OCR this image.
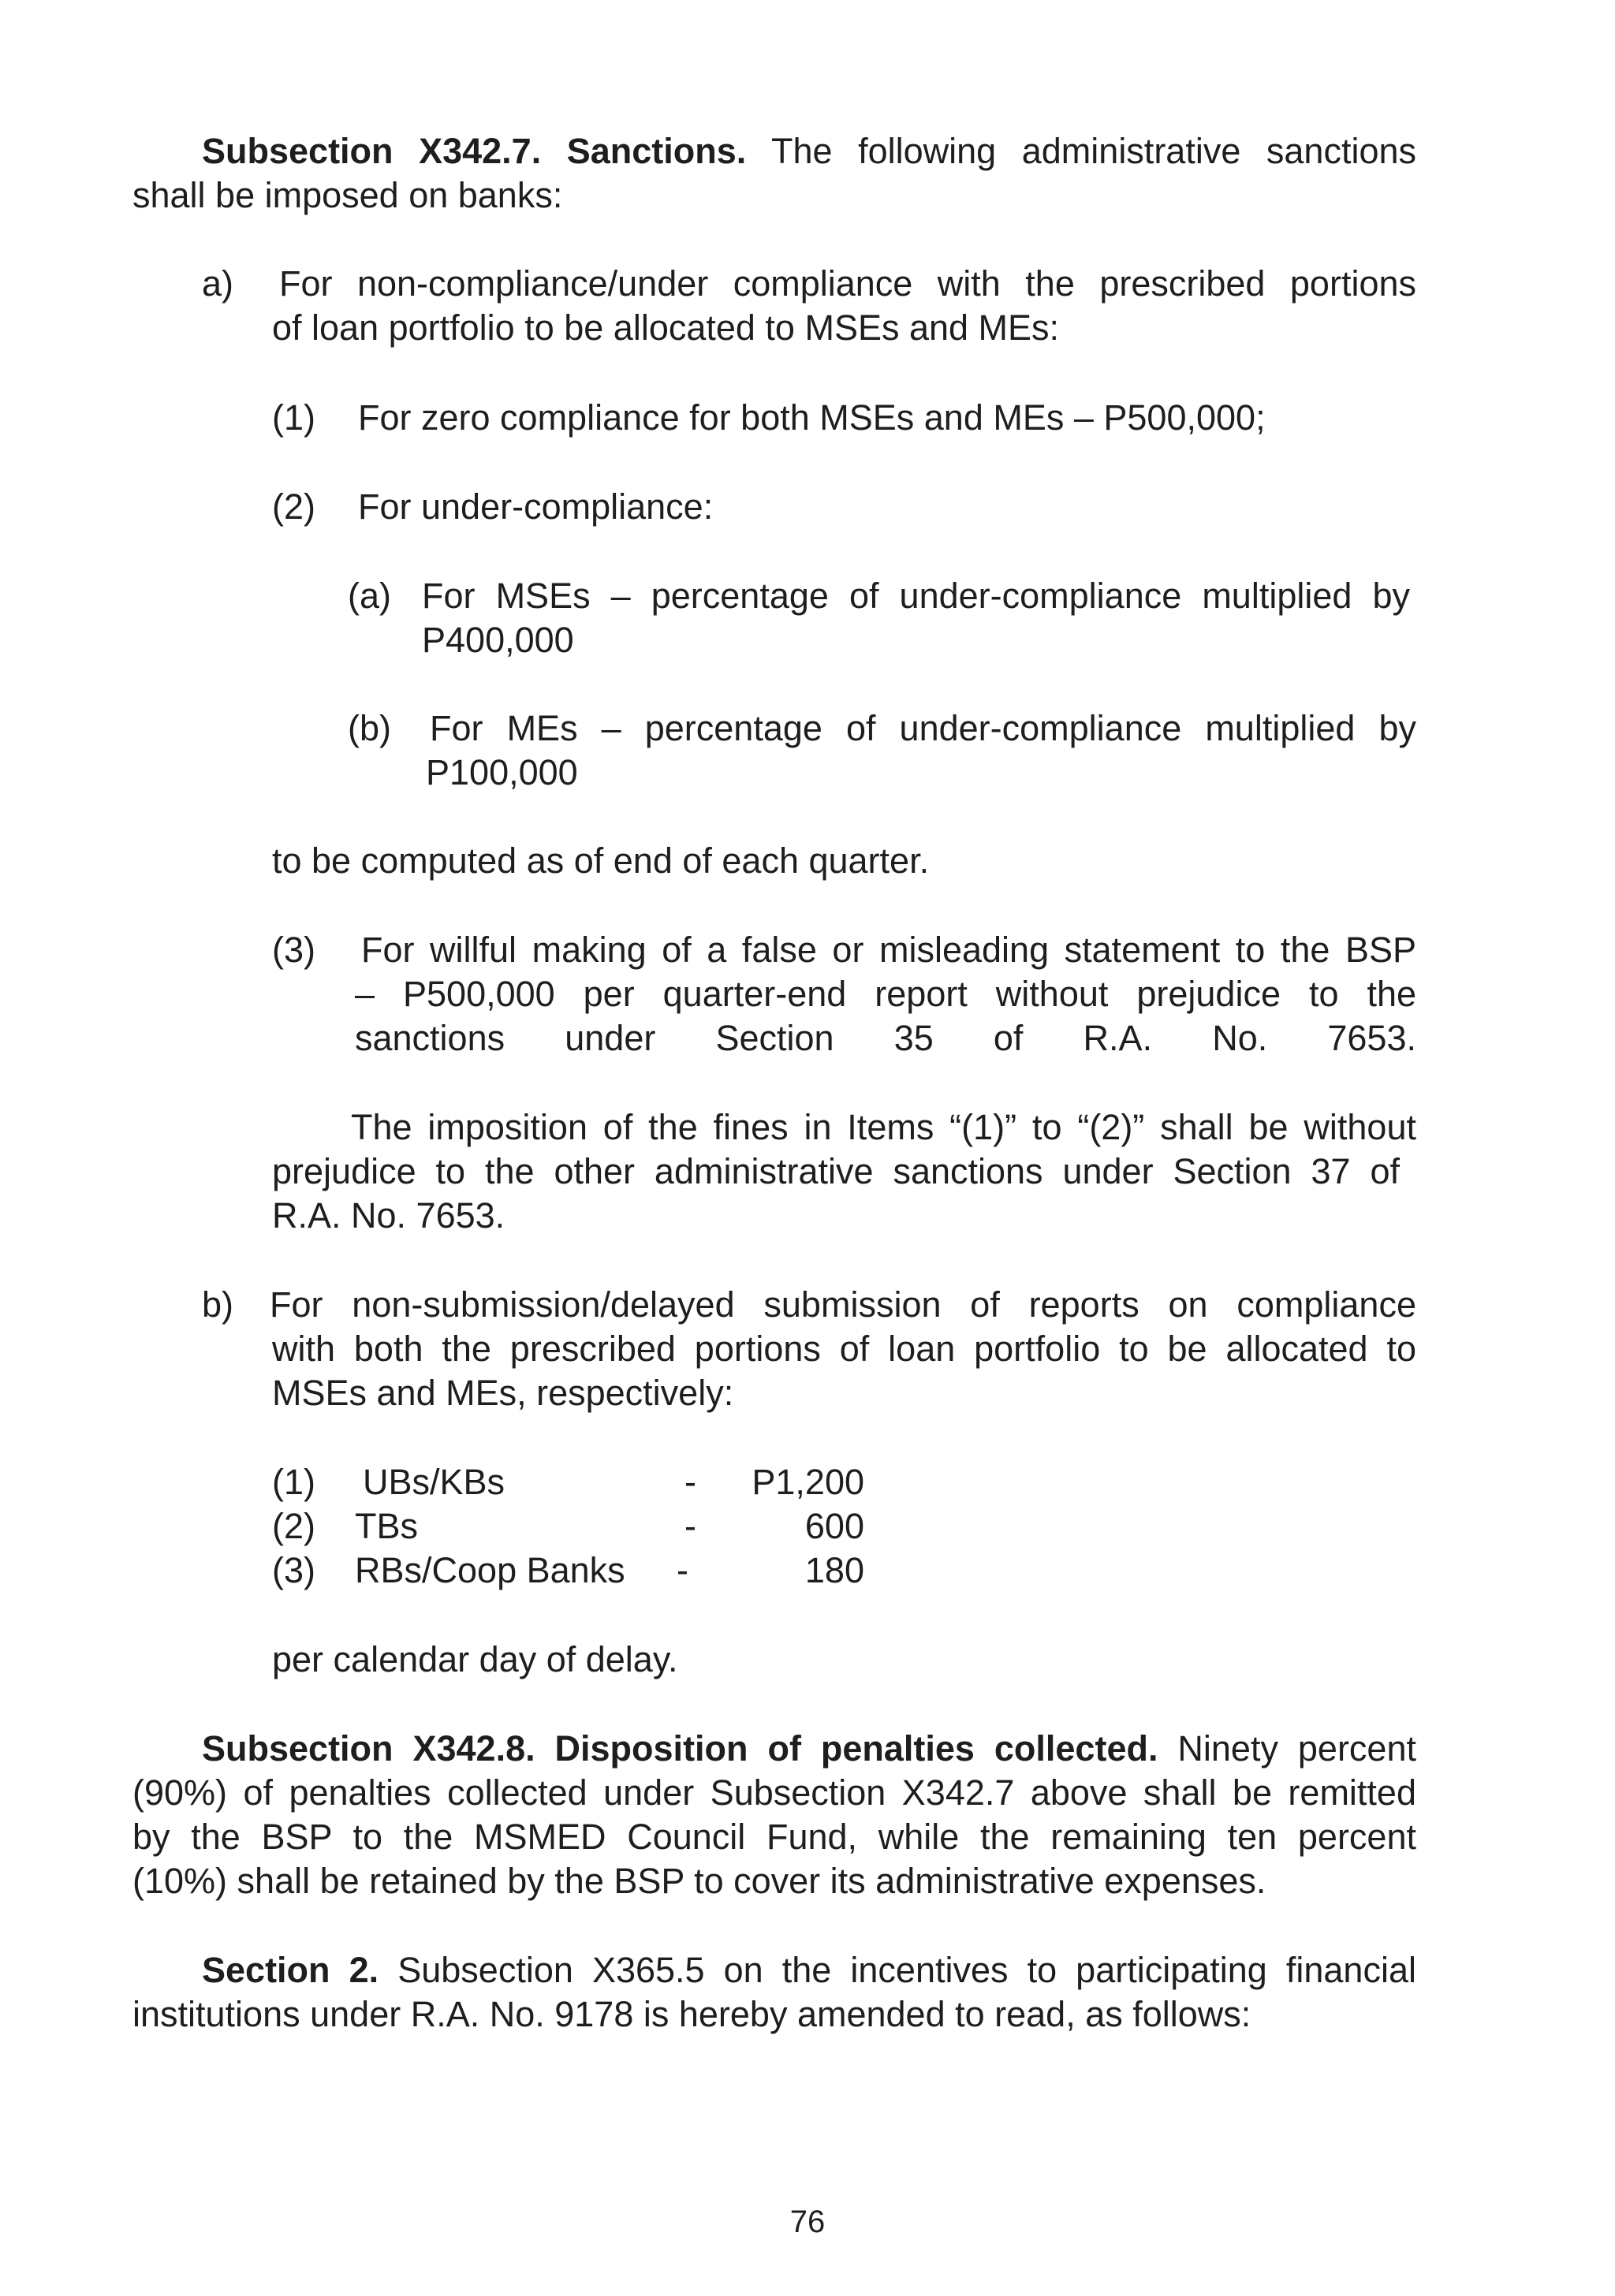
Subsection X342.7. Sanctions. The following administrative sanctions

shall be imposed on banks:

a) For non-compliance/under compliance with the prescribed portions

of loan portfolio to be allocated to MSEs and MEs:

(1) For zero compliance for both MSEs and MEs – P500,000;

(2) For under-compliance:

(a) For MSEs – percentage of under-compliance multiplied by

P400,000

(b) For MEs – percentage of under-compliance multiplied by

P100,000

to be computed as of end of each quarter.

(3) For willful making of a false or misleading statement to the BSP

– P500,000 per quarter-end report without prejudice to the

sanctions under Section 35 of R.A. No. 7653.

The imposition of the fines in Items “(1)” to “(2)” shall be without

prejudice to the other administrative sanctions under Section 37 of

R.A. No. 7653.

b) For non-submission/delayed submission of reports on compliance

with both the prescribed portions of loan portfolio to be allocated to

MSEs and MEs, respectively:

(1) UBs/KBs	-	P1,200
(2) TBs	-	600
(3) RBs/Coop Banks -	180

per calendar day of delay.

Subsection X342.8. Disposition of penalties collected. Ninety percent

(90%) of penalties collected under Subsection X342.7 above shall be remitted

by the BSP to the MSMED Council Fund, while the remaining ten percent

(10%) shall be retained by the BSP to cover its administrative expenses.

Section 2. Subsection X365.5 on the incentives to participating financial

institutions under R.A. No. 9178 is hereby amended to read, as follows:

76
